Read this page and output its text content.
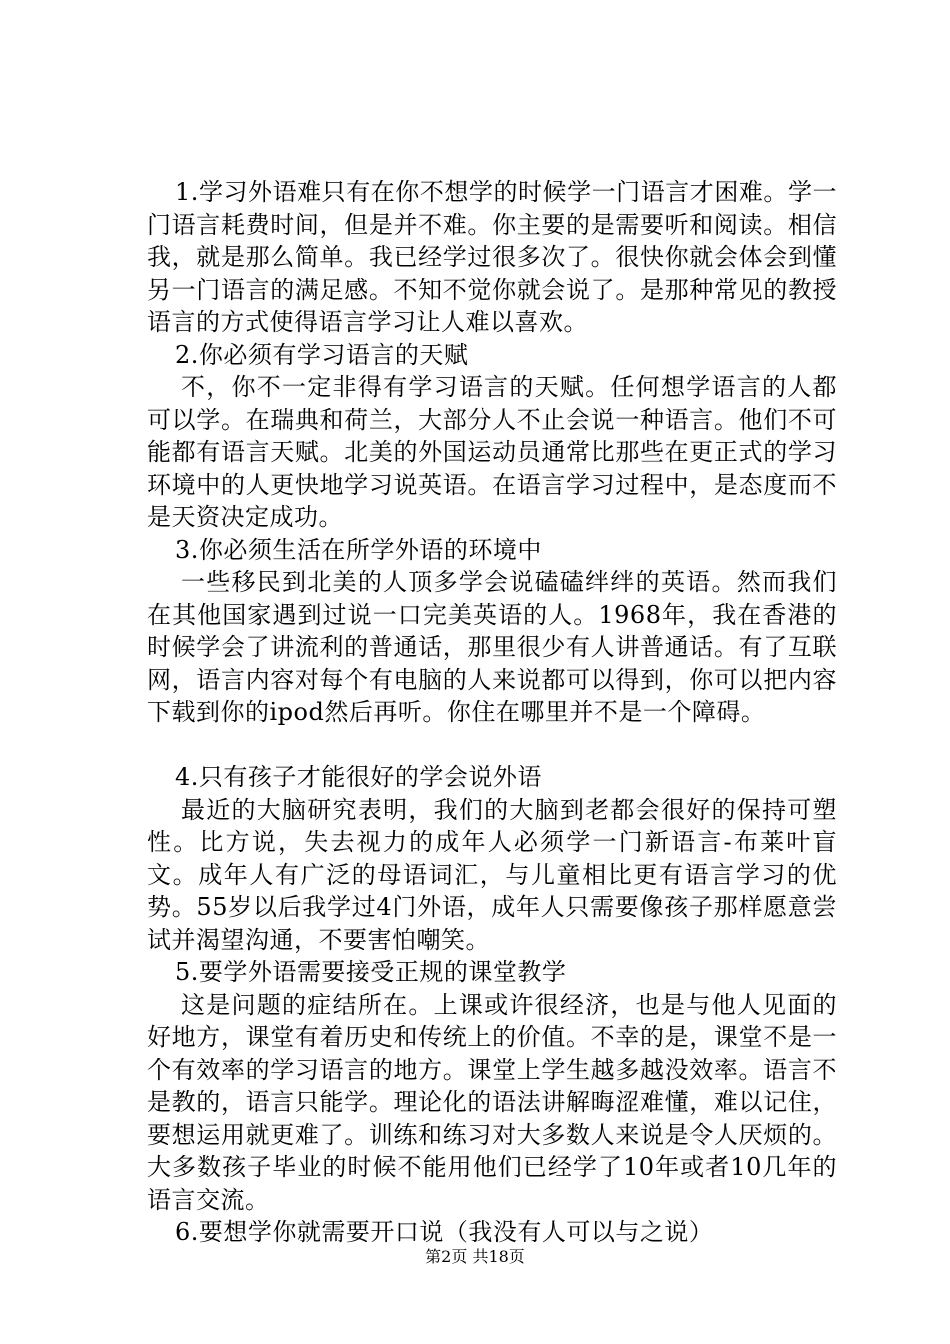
1.学习外语难只有在你不想学的时候学一门语言才困难。学一门语言耗费时间，但是并不难。你主要的是需要听和阅读。相信我，就是那么简单。我已经学过很多次了。很快你就会体会到懂另一门语言的满足感。不知不觉你就会说了。是那种常见的教授语言的方式使得语言学习让人难以喜欢。

2.你必须有学习语言的天赋

不，你不一定非得有学习语言的天赋。任何想学语言的人都可以学。在瑞典和荷兰，大部分人不止会说一种语言。他们不可能都有语言天赋。北美的外国运动员通常比那些在更正式的学习环境中的人更快地学习说英语。在语言学习过程中，是态度而不是天资决定成功。

3.你必须生活在所学外语的环境中

一些移民到北美的人顶多学会说磕磕绊绊的英语。然而我们在其他国家遇到过说一口完美英语的人。1968年，我在香港的时候学会了讲流利的普通话，那里很少有人讲普通话。有了互联网，语言内容对每个有电脑的人来说都可以得到，你可以把内容下载到你的ipod然后再听。你住在哪里并不是一个障碍。

4.只有孩子才能很好的学会说外语

最近的大脑研究表明，我们的大脑到老都会很好的保持可塑性。比方说，失去视力的成年人必须学一门新语言-布莱叶盲文。成年人有广泛的母语词汇，与儿童相比更有语言学习的优势。55岁以后我学过4门外语，成年人只需要像孩子那样愿意尝试并渴望沟通，不要害怕嘲笑。

5.要学外语需要接受正规的课堂教学

这是问题的症结所在。上课或许很经济，也是与他人见面的好地方，课堂有着历史和传统上的价值。不幸的是，课堂不是一个有效率的学习语言的地方。课堂上学生越多越没效率。语言不是教的，语言只能学。理论化的语法讲解晦涩难懂，难以记住，要想运用就更难了。训练和练习对大多数人来说是令人厌烦的。大多数孩子毕业的时候不能用他们已经学了10年或者10几年的语言交流。

6.要想学你就需要开口说（我没有人可以与之说）

第2页 共18页
